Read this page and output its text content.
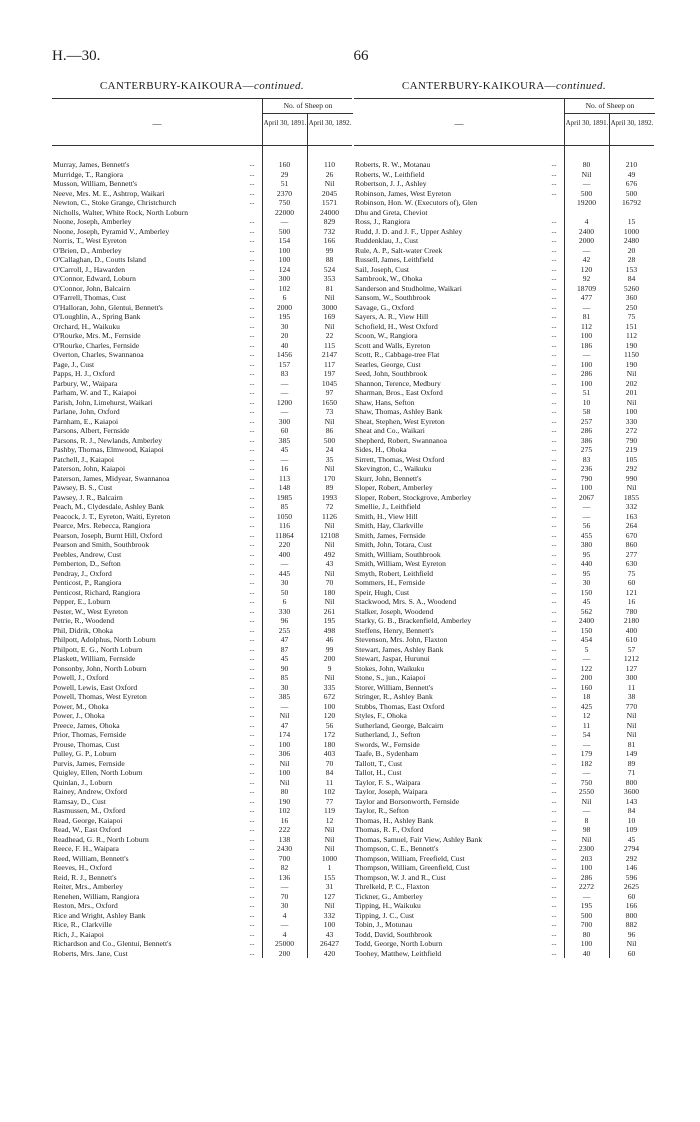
H.—30.	66
CANTERBURY-KAIKOURA—continued.
—
No. of Sheep on
April 30, 1891. April 30, 1892.
Murray, James, Bennett's	...	160	110
Murridge, T., Rangiora	...	29	26
Musson, William, Bennett's	...	51	Nil
Neeve, Mrs. M. E., Ashtrop, Waikari	...	2370	2045
Newton, C., Stoke Grange, Christchurch	...	750	1571
Nicholls, Walter, White Rock, North Loburn	22000	24000
Noone, Joseph, Amberley	...	—	829
Noone, Joseph, Pyramid V., Amberley	...	500	732
Norris, T., West Eyreton	...	154	166
O'Brien, D., Amberley	...	100	99
O'Callaghan, D., Coutts Island	...	100	88
O'Carroll, J., Hawarden	...	124	524
O'Connor, Edward, Loburn	...	300	353
O'Connor, John, Balcairn	...	102	81
O'Farrell, Thomas, Cust	...	6	Nil
O'Halloran, John, Glentui, Bennett's	...	2000	3000
O'Loughlin, A., Spring Bank	...	195	169
Orchard, H., Waikuku	...	30	Nil
O'Rourke, Mrs. M., Fernside	...	20	22
O'Rourke, Charles, Fernside	...	40	115
Overton, Charles, Swannanoa	...	1456	2147
Page, J., Cust	...	157	117
Papps, H. J., Oxford	...	83	197
Parbury, W., Waipara	...	—	1045
Parham, W. and T., Kaiapoi	...	—	97
Parish, John, Limehurst, Waikari	...	1200	1650
Parlane, John, Oxford	...	—	73
Parnham, E., Kaiapoi	...	300	Nil
Parsons, Albert, Fernside	...	60	86
Parsons, R. J., Newlands, Amberley	...	385	500
Pashby, Thomas, Elmwood, Kaiapoi	...	45	24
Patchell, J., Kaiapoi	...	—	35
Paterson, John, Kaiapoi	...	16	Nil
Paterson, James, Midyear, Swannanoa	...	113	170
Pawsey, B. S., Cust	...	148	89
Pawsey, J. R., Balcairn	...	1985	1993
Peach, M., Clydesdale, Ashley Bank	...	85	72
Peacock, J. T., Eyreton, Waiti, Eyreton	...	1050	1126
Pearce, Mrs. Rebecca, Rangiora	...	116	Nil
Pearson, Joseph, Burnt Hill, Oxford	...	11864	12108
Pearson and Smith, Southbrook	...	220	Nil
Peebles, Andrew, Cust	...	400	492
Pemberton, D., Sefton	...	—	43
Pendray, J., Oxford	...	445	Nil
Penticost, P., Rangiora	...	30	70
Penticost, Richard, Rangiora	...	50	180
Pepper, E., Loburn	...	6	Nil
Pester, W., West Eyreton	...	330	261
Petrie, R., Woodend	...	96	195
Phil, Didrik, Ohoka	...	255	498
Philpott, Adolphus, North Loburn	...	47	46
Philpott, E. G., North Loburn	...	87	99
Plaskett, William, Fernside	...	45	200
Ponsonby, John, North Loburn	...	90	9
Powell, J., Oxford	...	85	Nil
Powell, Lewis, East Oxford	...	30	335
Powell, Thomas, West Eyreton	...	385	672
Power, M., Ohoka	...	—	100
Power, J., Ohoka	...	Nil	120
Preece, James, Ohoka	...	47	56
Prior, Thomas, Fernside	...	174	172
Prouse, Thomas, Cust	...	100	180
Pulley, G. P., Loburn	...	306	403
Purvis, James, Fernside	...	Nil	70
Quigley, Ellen, North Loburn	...	100	84
Quinlan, J., Loburn	...	Nil	11
Rainey, Andrew, Oxford	...	80	102
Ramsay, D., Cust	...	190	77
Rasmussen, M., Oxford	...	102	119
Read, George, Kaiapoi	...	16	12
Read, W., East Oxford	...	222	Nil
Readhead, G. R., North Loburn	...	138	Nil
Reece, F. H., Waipara	...	2430	Nil
Reed, William, Bennett's	...	700	1000
Reeves, H., Oxford	...	82	1
Reid, R. J., Bennett's	...	136	155
Reiter, Mrs., Amberley	...	—	31
Renehen, William, Rangiora	...	70	127
Reston, Mrs., Oxford	...	30	Nil
Rice and Wright, Ashley Bank	...	4	332
Rice, R., Clarkville	...	—	100
Rich, J., Kaiapoi	...	4	43
Richardson and Co., Glentui, Bennett's	...	25000	26427
Roberts, Mrs. Jane, Cust	...	200	420
CANTERBURY-KAIKOURA—continued.
—
No. of Sheep on
April 30, 1891. April 30, 1892.
Roberts, R. W., Motanau	...	80	210
Roberts, W., Leithfield	...	Nil	49
Robertson, J. J., Ashley	...	—	676
Robinson, James, West Eyreton	...	500	500
Robinson, Hon. W. (Executors of), Glen	19200	16792
Dhu and Greta, Cheviot
Ross, J., Rangiora	...	4	15
Rudd, J. D. and J. F., Upper Ashley	...	2400	1000
Ruddenklau, J., Cust	...	2000	2480
Rule, A. P., Salt-water Creek	...	—	20
Russell, James, Leithfield	...	42	28
Sail, Joseph, Cust	...	120	153
Sambrook, W., Ohoka	...	92	84
Sanderson and Studholme, Waikari	...	18709	5260
Sansom, W., Southbrook	...	477	360
Savage, G., Oxford	...	—	250
Sayers, A. R., View Hill	...	81	75
Schofield, H., West Oxford	...	112	151
Scoon, W., Rangiora	...	100	112
Scott and Walls, Eyreton	...	186	190
Scott, R., Cabbage-tree Flat	...	—	1150
Searles, George, Cust	...	100	190
Seed, John, Southbrook	...	286	Nil
Shannon, Terence, Medbury	...	100	202
Sharman, Bros., East Oxford	...	51	201
Shaw, Hans, Sefton	...	10	Nil
Shaw, Thomas, Ashley Bank	...	58	100
Sheat, Stephen, West Eyreton	...	257	330
Sheat and Co., Waikari	...	286	272
Shepherd, Robert, Swannanoa	...	386	790
Sides, H., Ohoka	...	275	219
Sirrett, Thomas, West Oxford	...	83	105
Skevington, C., Waikuku	...	236	292
Skurr, John, Bennett's	...	790	990
Sloper, Robert, Amberley	...	100	Nil
Sloper, Robert, Stockgrove, Amberley	...	2067	1855
Smellie, J., Leithfield	...	—	332
Smith, H., View Hill	...	—	163
Smith, Hay, Clarkville	...	56	264
Smith, James, Fernside	...	455	670
Smith, John, Totara, Cust	...	380	860
Smith, William, Southbrook	...	95	277
Smith, William, West Eyreton	...	440	630
Smyth, Robert, Leithfield	...	95	75
Sommers, H., Fernside	...	30	60
Speir, Hugh, Cust	...	150	121
Stackwood, Mrs. S. A., Woodend	...	45	16
Stalker, Joseph, Woodend	...	562	780
Starky, G. B., Brackenfield, Amberley	...	2400	2180
Steffens, Henry, Bennett's	...	150	400
Stevenson, Mrs. John, Flaxton	...	454	610
Stewart, James, Ashley Bank	...	5	57
Stewart, Jaspar, Hurunui	...	—	1212
Stokes, John, Waikuku	...	122	127
Stone, S., jun., Kaiapoi	...	200	300
Storer, William, Bennett's	...	160	11
Stringer, R., Ashley Bank	...	18	38
Stubbs, Thomas, East Oxford	...	425	770
Styles, F., Ohoka	...	12	Nil
Sutherland, George, Balcairn	...	11	Nil
Sutherland, J., Sefton	...	54	Nil
Swords, W., Fernside	...	—	81
Taafe, B., Sydenham	...	179	149
Tallott, T., Cust	...	182	89
Tallot, H., Cust	...	—	71
Taylor, F. S., Waipara	...	750	800
Taylor, Joseph, Waipara	...	2550	3600
Taylor and Borsonworth, Fernside	...	Nil	143
Taylor, R., Sefton	...	—	84
Thomas, H., Ashley Bank	...	8	10
Thomas, R. F., Oxford	...	98	109
Thomas, Samuel, Fair View, Ashley Bank	...	Nil	45
Thompson, C. E., Bennett's	...	2300	2794
Thompson, William, Freefield, Cust	...	203	292
Thompson, William, Greenfield, Cust	...	100	146
Thompson, W. J. and R., Cust	...	286	596
Threlkeld, P. C., Flaxton	...	2272	2625
Tickner, G., Amberley	...	—	60
Tipping, H., Waikuku	...	195	166
Tipping, J. C., Cust	...	500	800
Tobin, J., Motunau	...	700	882
Todd, David, Southbrook	...	80	96
Todd, George, North Loburn	...	100	Nil
Toohey, Matthew, Leithfield	...	40	60
